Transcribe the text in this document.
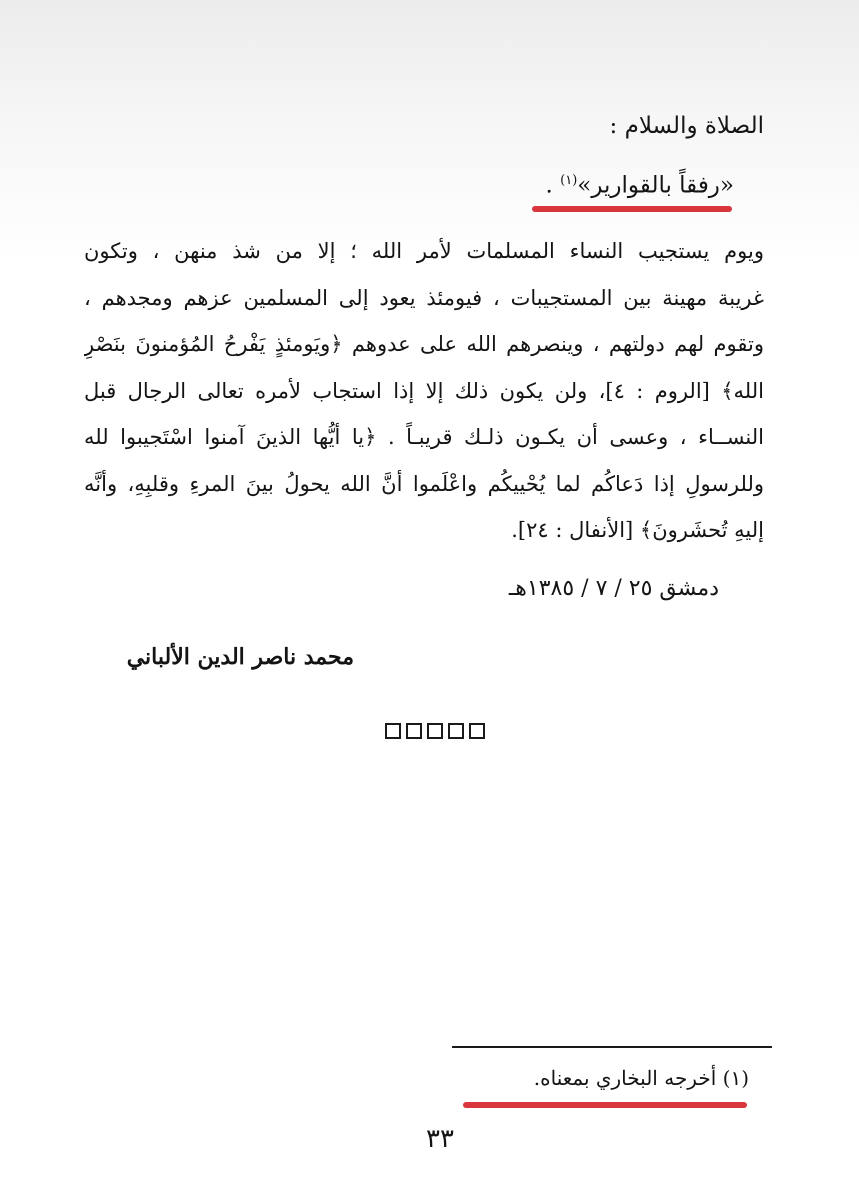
الصلاة والسلام :
«رفقاً بالقوارير»$^{(١)}$ .
ويوم يستجيب النساء المسلمات لأمر الله ؛ إلا من شذ منهن ، وتكون
غريبة مهينة بين المستجيبات ، فيومئذ يعود إلى المسلمين عزهم ومجدهم ،
وتقوم لهم دولتهم ، وينصرهم الله على عدوهم ﴿ويَومئذٍ يَفْرحُ المُؤمنونَ بنَصْرِ
الله﴾ [الروم : ٤]، ولن يكون ذلك إلا إذا استجاب لأمره تعالى الرجال قبل
النســاء ، وعسى أن يكـون ذلـك قريبـاً . ﴿يا أيُّها الذينَ آمنوا اسْتَجيبوا لله
وللرسولِ إذا دَعاكُم لما يُحْييكُم واعْلَموا أنَّ الله يحولُ بينَ المرءِ وقلبِهِ، وأنَّه
إليهِ تُحشَرونَ﴾ [الأنفال : ٢٤].
دمشق ٢٥ / ٧ / ١٣٨٥هـ
محمد ناصر الدين الألباني
(١) أخرجه البخاري بمعناه.
٣٣
